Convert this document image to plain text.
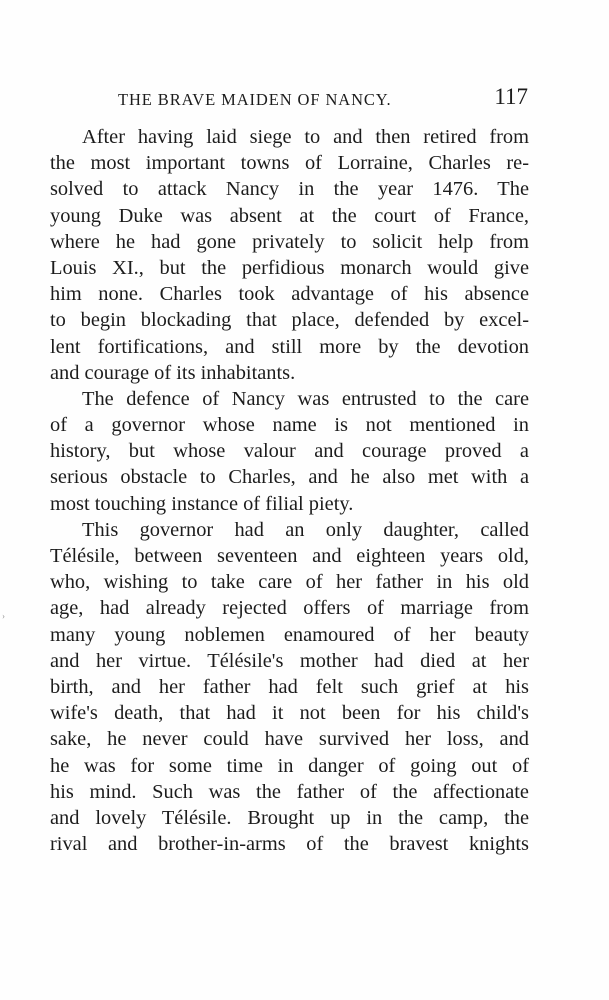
THE BRAVE MAIDEN OF NANCY.	117
›
After having laid siege to and then retired from
the most important towns of Lorraine, Charles re-
solved to attack Nancy in the year 1476. The
young Duke was absent at the court of France,
where he had gone privately to solicit help from
Louis XI., but the perfidious monarch would give
him none. Charles took advantage of his absence
to begin blockading that place, defended by excel-
lent fortifications, and still more by the devotion
and courage of its inhabitants.
The defence of Nancy was entrusted to the care
of a governor whose name is not mentioned in
history, but whose valour and courage proved a
serious obstacle to Charles, and he also met with a
most touching instance of filial piety.
This governor had an only daughter, called
Télésile, between seventeen and eighteen years old,
who, wishing to take care of her father in his old
age, had already rejected offers of marriage from
many young noblemen enamoured of her beauty
and her virtue. Télésile's mother had died at her
birth, and her father had felt such grief at his
wife's death, that had it not been for his child's
sake, he never could have survived her loss, and
he was for some time in danger of going out of
his mind. Such was the father of the affectionate
and lovely Télésile. Brought up in the camp, the
rival and brother-in-arms of the bravest knights
